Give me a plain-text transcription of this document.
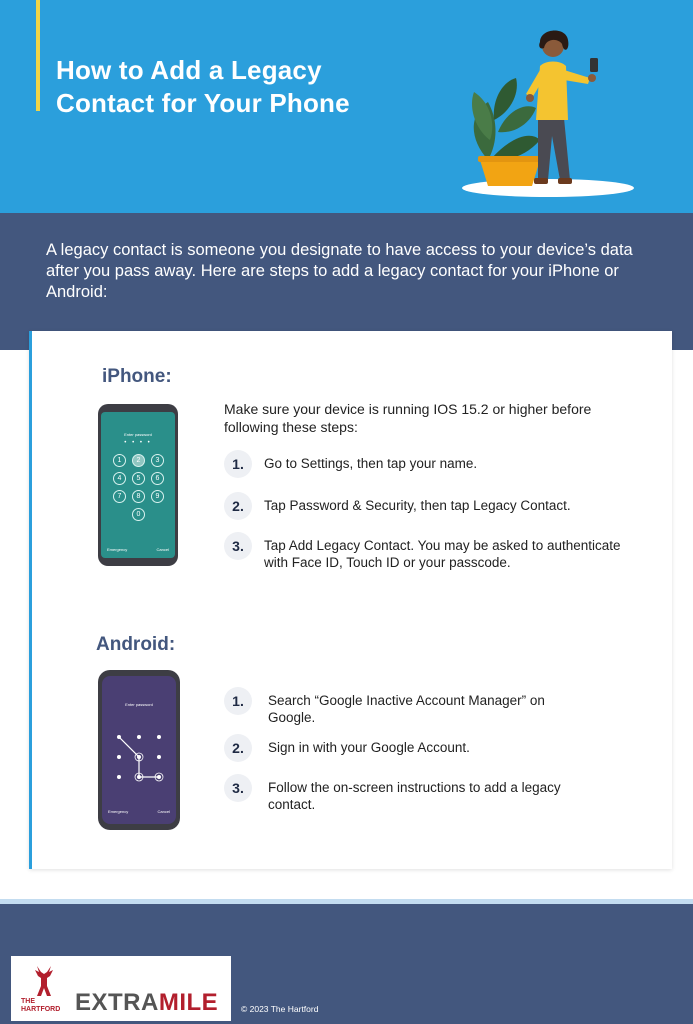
How to Add a Legacy
Contact for Your Phone

A legacy contact is someone you designate to have access to your device’s data after you pass away. Here are steps to add a legacy contact for your iPhone or Android:

iPhone:
Enter password
• • • •
1	2	3
4	5	6
7	8	9
0
Emergency	Cancel

Make sure your device is running IOS 15.2 or higher before following these steps:

1.	Go to Settings, then tap your name.
2.	Tap Password & Security, then tap Legacy Contact.
3.	Tap Add Legacy Contact. You may be asked to authenticate with Face ID, Touch ID or your passcode.
Android:
Enter password
Emergency	Cancel
1.	Search “Google Inactive Account Manager” on Google.
2.	Sign in with your Google Account.
3.	Follow the on-screen instructions to add a legacy contact.
THE
HARTFORD EXTRAMILE	© 2023 The Hartford
